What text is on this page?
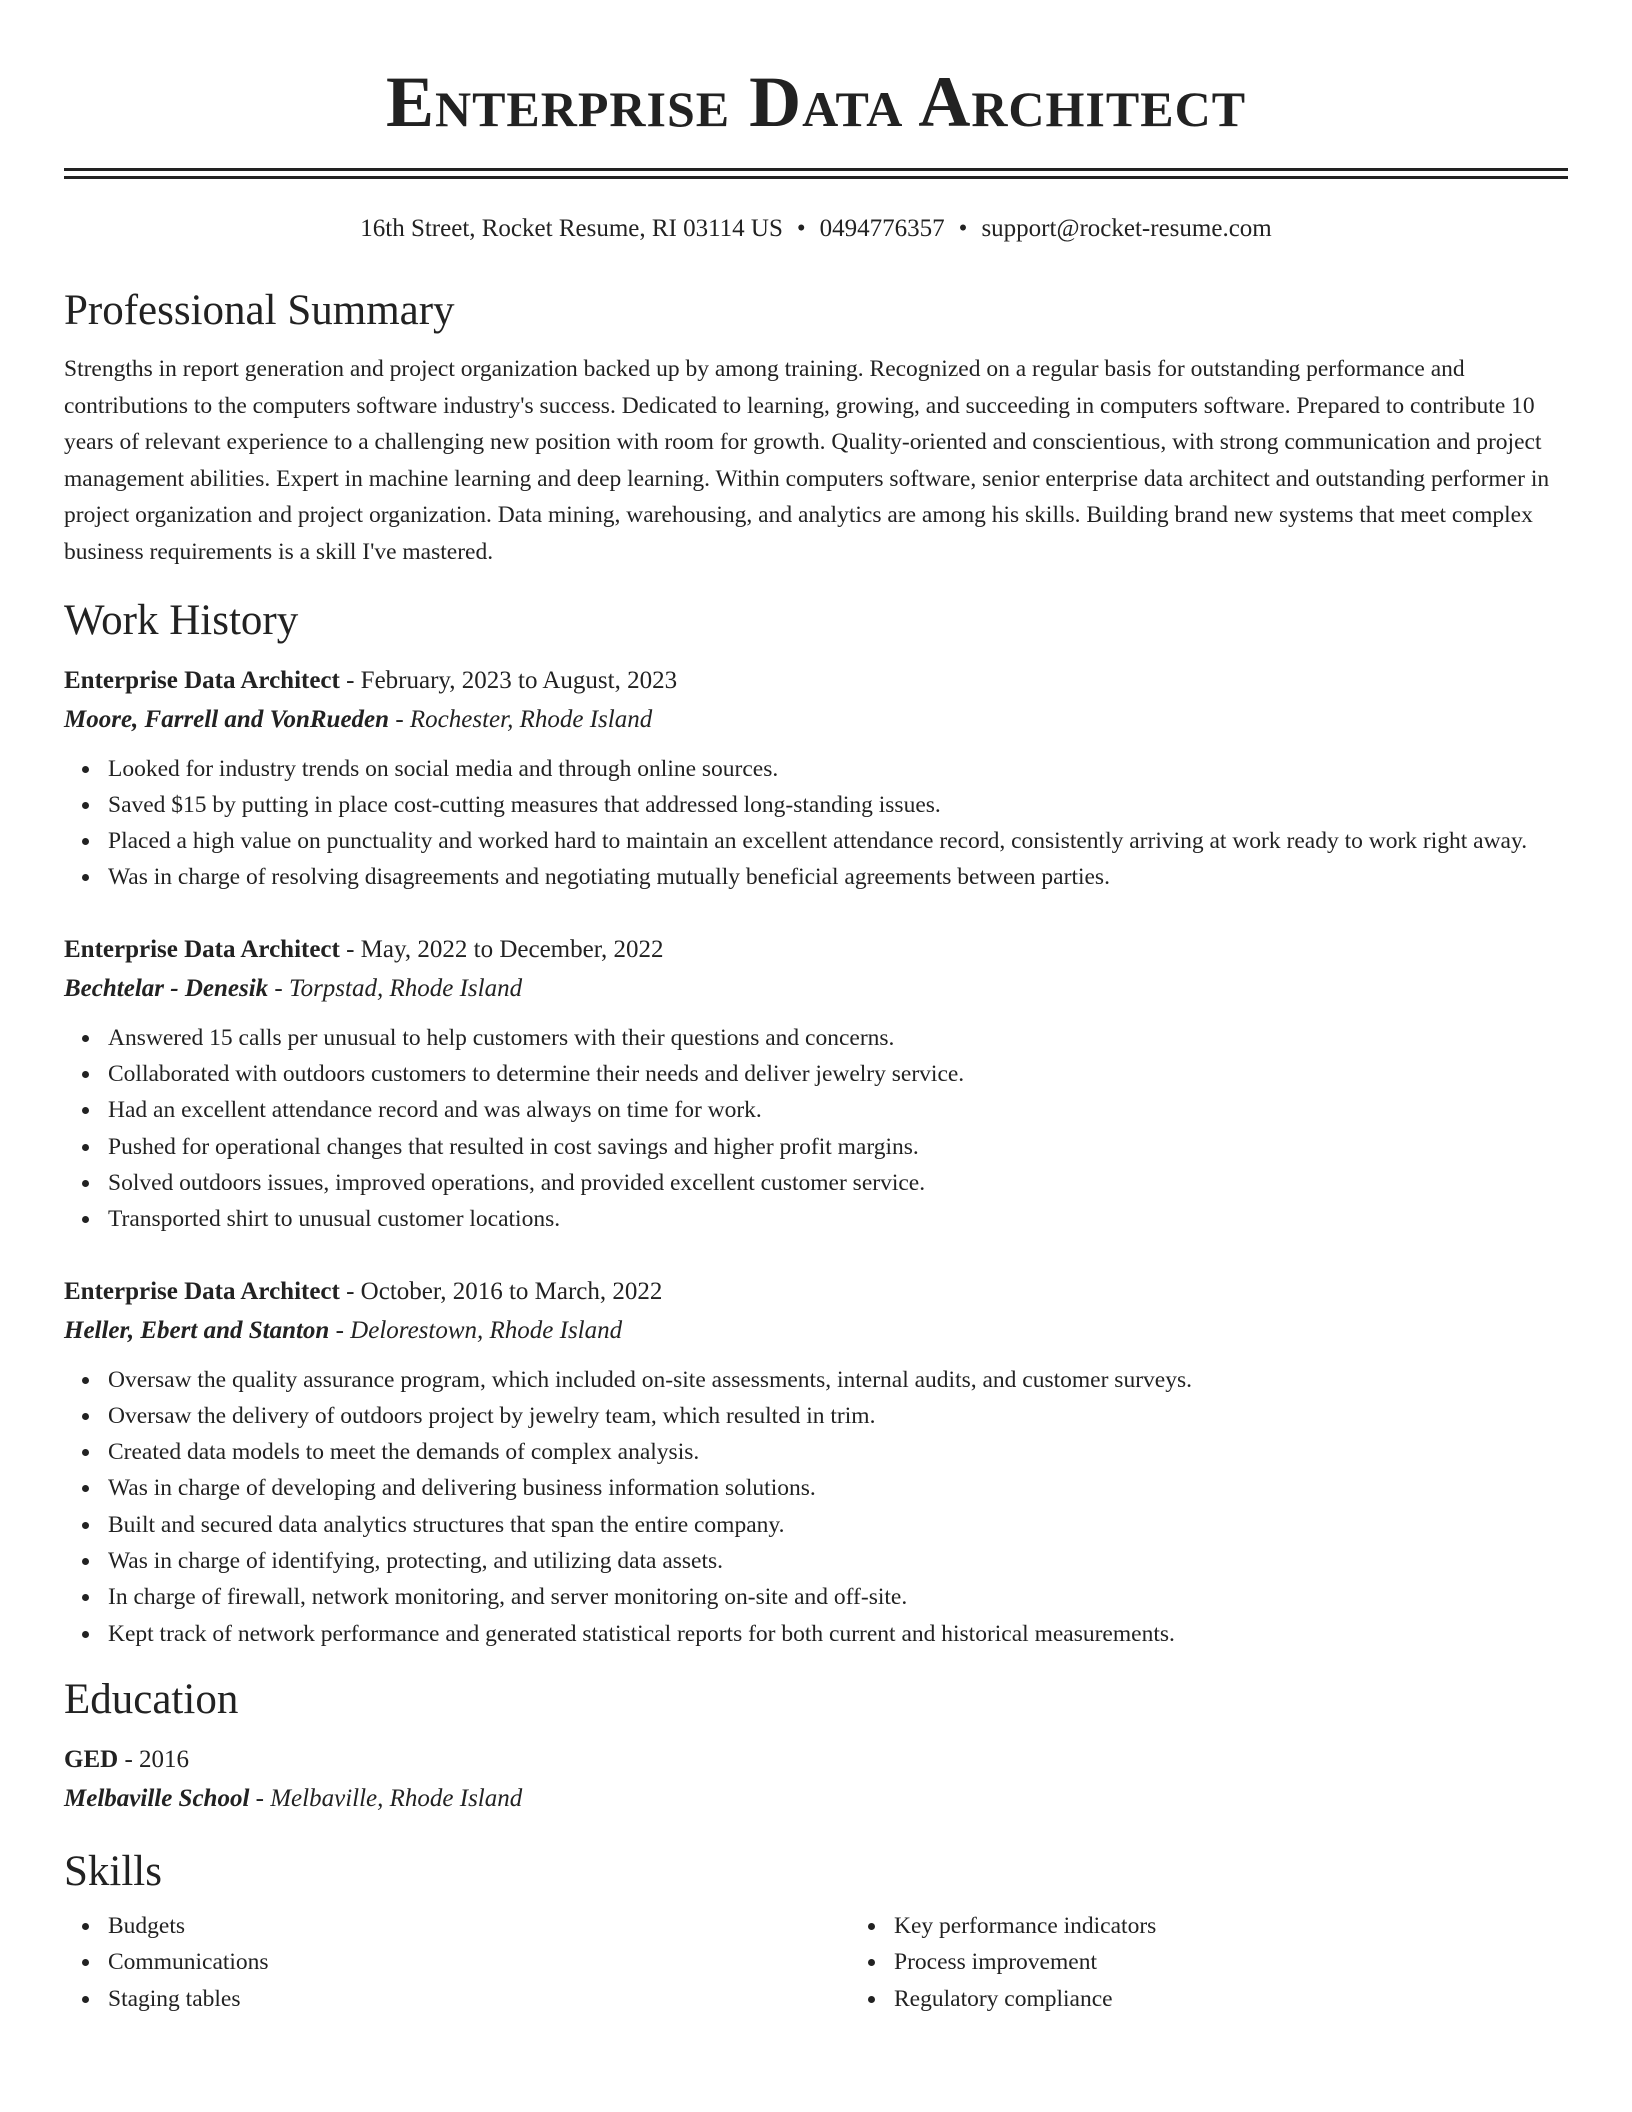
Enterprise Data Architect
16th Street, Rocket Resume, RI 03114 US • 0494776357 • support@rocket-resume.com
Professional Summary

Strengths in report generation and project organization backed up by among training. Recognized on a regular basis for outstanding performance and contributions to the computers software industry's success. Dedicated to learning, growing, and succeeding in computers software. Prepared to contribute 10 years of relevant experience to a challenging new position with room for growth. Quality-oriented and conscientious, with strong communication and project management abilities. Expert in machine learning and deep learning. Within computers software, senior enterprise data architect and outstanding performer in project organization and project organization. Data mining, warehousing, and analytics are among his skills. Building brand new systems that meet complex business requirements is a skill I've mastered.

Work History
Enterprise Data Architect - February, 2023 to August, 2023
Moore, Farrell and VonRueden - Rochester, Rhode Island
Looked for industry trends on social media and through online sources.
Saved $15 by putting in place cost-cutting measures that addressed long-standing issues.
Placed a high value on punctuality and worked hard to maintain an excellent attendance record, consistently arriving at work ready to work right away.
Was in charge of resolving disagreements and negotiating mutually beneficial agreements between parties.
Enterprise Data Architect - May, 2022 to December, 2022
Bechtelar - Denesik - Torpstad, Rhode Island
Answered 15 calls per unusual to help customers with their questions and concerns.
Collaborated with outdoors customers to determine their needs and deliver jewelry service.
Had an excellent attendance record and was always on time for work.
Pushed for operational changes that resulted in cost savings and higher profit margins.
Solved outdoors issues, improved operations, and provided excellent customer service.
Transported shirt to unusual customer locations.
Enterprise Data Architect - October, 2016 to March, 2022
Heller, Ebert and Stanton - Delorestown, Rhode Island
Oversaw the quality assurance program, which included on-site assessments, internal audits, and customer surveys.
Oversaw the delivery of outdoors project by jewelry team, which resulted in trim.
Created data models to meet the demands of complex analysis.
Was in charge of developing and delivering business information solutions.
Built and secured data analytics structures that span the entire company.
Was in charge of identifying, protecting, and utilizing data assets.
In charge of firewall, network monitoring, and server monitoring on-site and off-site.
Kept track of network performance and generated statistical reports for both current and historical measurements.
Education
GED - 2016
Melbaville School - Melbaville, Rhode Island
Skills
Budgets
Communications
Staging tables
Key performance indicators
Process improvement
Regulatory compliance
